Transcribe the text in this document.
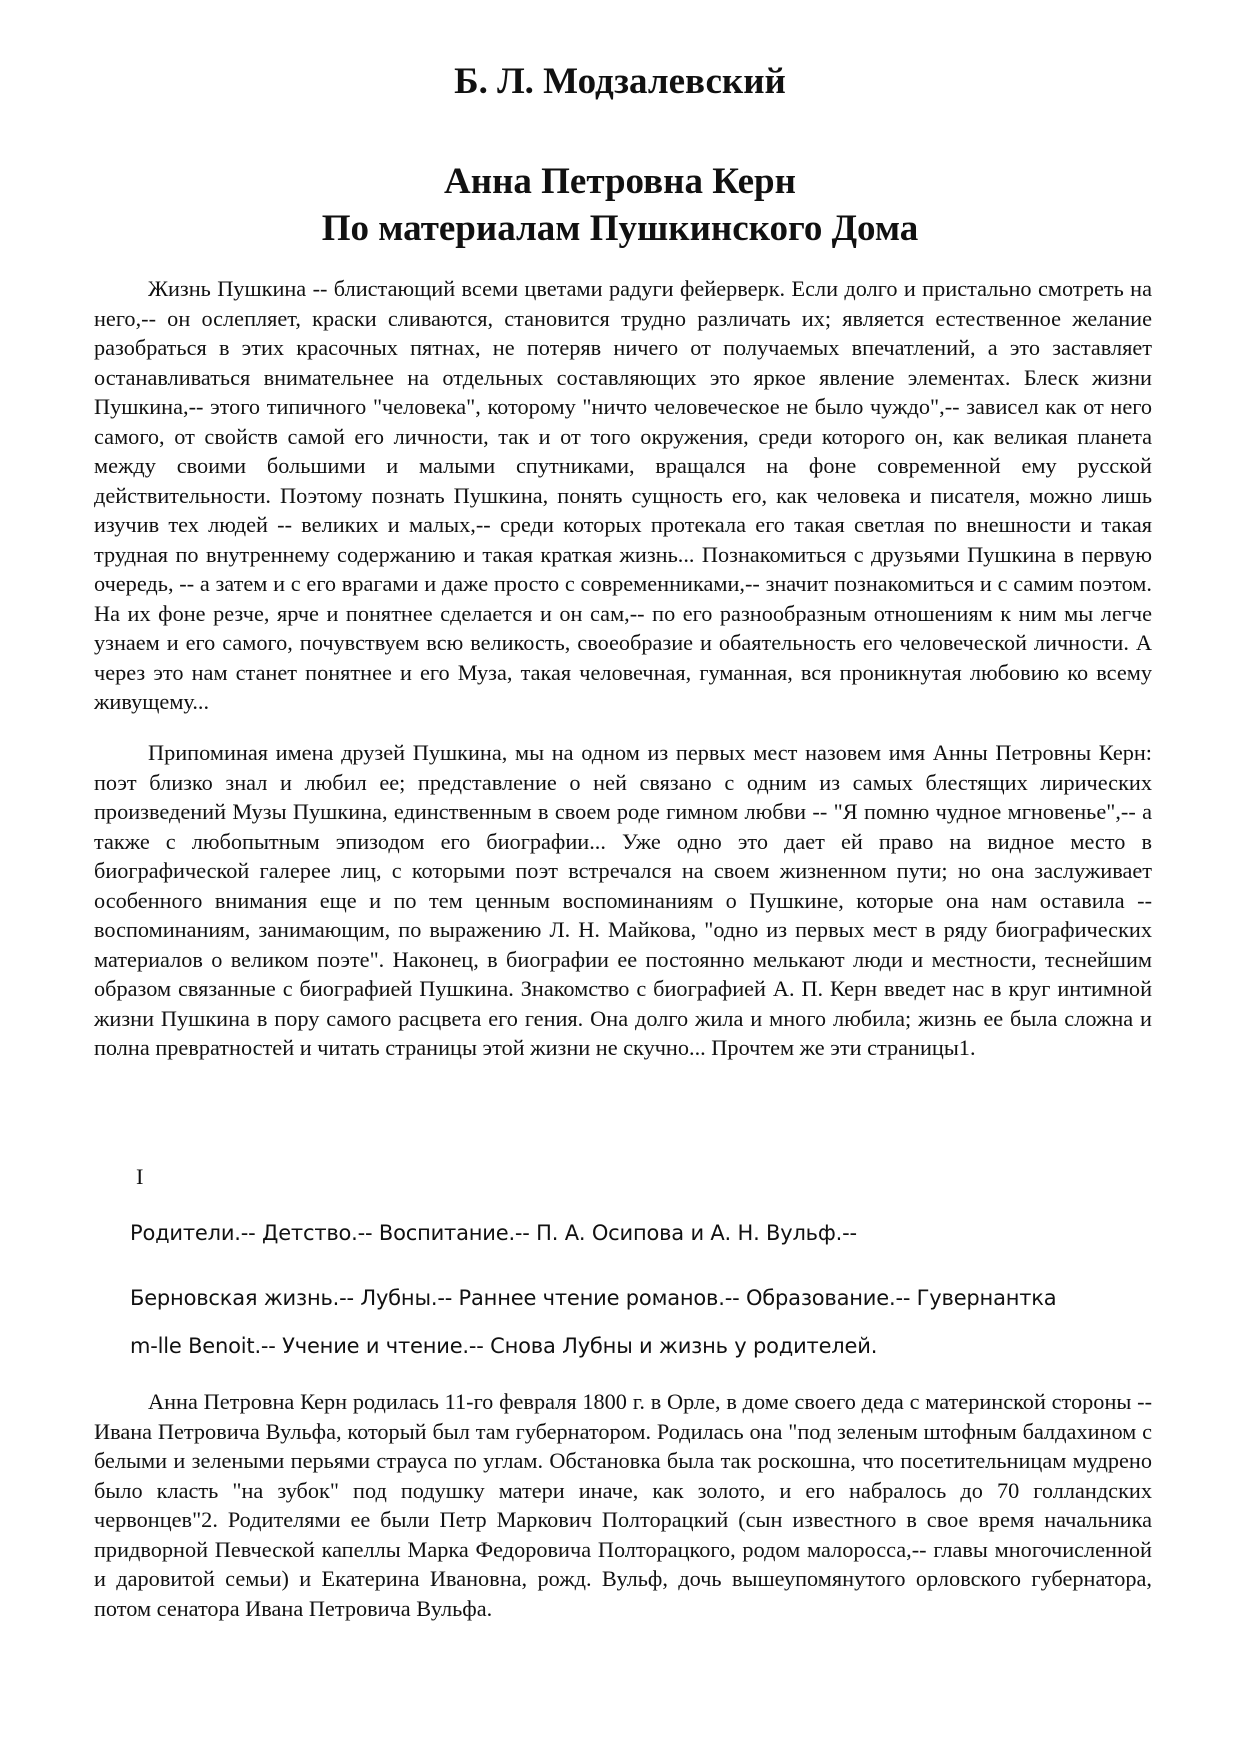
Б. Л. Модзалевский
Анна Петровна Керн
По материалам Пушкинского Дома

Жизнь Пушкина -- блистающий всеми цветами радуги фейерверк. Если долго и пристально смотреть на него,-- он ослепляет, краски сливаются, становится трудно различать их; является естественное желание разобраться в этих красочных пятнах, не потеряв ничего от получаемых впечатлений, а это заставляет останавливаться внимательнее на отдельных составляющих это яркое явление элементах. Блеск жизни Пушкина,-- этого типичного "человека", которому "ничто человеческое не было чуждо",-- зависел как от него самого, от свойств самой его личности, так и от того окружения, среди которого он, как великая планета между своими большими и малыми спутниками, вращался на фоне современной ему русской действительности. Поэтому познать Пушкина, понять сущность его, как человека и писателя, можно лишь изучив тех людей -- великих и малых,-- среди которых протекала его такая светлая по внешности и такая трудная по внутреннему содержанию и такая краткая жизнь... Познакомиться с друзьями Пушкина в первую очередь, -- а затем и с его врагами и даже просто с современниками,-- значит познакомиться и с самим поэтом. На их фоне резче, ярче и понятнее сделается и он сам,-- по его разнообразным отношениям к ним мы легче узнаем и его самого, почувствуем всю великость, своеобразие и обаятельность его человеческой личности. А через это нам станет понятнее и его Муза, такая человечная, гуманная, вся проникнутая любовию ко всему живущему...

Припоминая имена друзей Пушкина, мы на одном из первых мест назовем имя Анны Петровны Керн: поэт близко знал и любил ее; представление о ней связано с одним из самых блестящих лирических произведений Музы Пушкина, единственным в своем роде гимном любви -- "Я помню чудное мгновенье",-- а также с любопытным эпизодом его биографии... Уже одно это дает ей право на видное место в биографической галерее лиц, с которыми поэт встречался на своем жизненном пути; но она заслуживает особенного внимания еще и по тем ценным воспоминаниям о Пушкине, которые она нам оставила -- воспоминаниям, занимающим, по выражению Л. Н. Майкова, "одно из первых мест в ряду биографических материалов о великом поэте". Наконец, в биографии ее постоянно мелькают люди и местности, теснейшим образом связанные с биографией Пушкина. Знакомство с биографией А. П. Керн введет нас в круг интимной жизни Пушкина в пору самого расцвета его гения. Она долго жила и много любила; жизнь ее была сложна и полна превратностей и читать страницы этой жизни не скучно... Прочтем же эти страницы1.

I
Родители.-- Детство.-- Воспитание.-- П. А. Осипова и А. Н. Вульф.--
Берновская жизнь.-- Лубны.-- Раннее чтение романов.-- Образование.-- Гувернантка
m-lle Benoit.-- Учение и чтение.-- Снова Лубны и жизнь у родителей.

Анна Петровна Керн родилась 11-го февраля 1800 г. в Орле, в доме своего деда с материнской стороны -- Ивана Петровича Вульфа, который был там губернатором. Родилась она "под зеленым штофным балдахином с белыми и зелеными перьями страуса по углам. Обстановка была так роскошна, что посетительницам мудрено было класть "на зубок" под подушку матери иначе, как золото, и его набралось до 70 голландских червонцев"2. Родителями ее были Петр Маркович Полторацкий (сын известного в свое время начальника придворной Певческой капеллы Марка Федоровича Полторацкого, родом малоросса,-- главы многочисленной и даровитой семьи) и Екатерина Ивановна, рожд. Вульф, дочь вышеупомянутого орловского губернатора, потом сенатора Ивана Петровича Вульфа.
